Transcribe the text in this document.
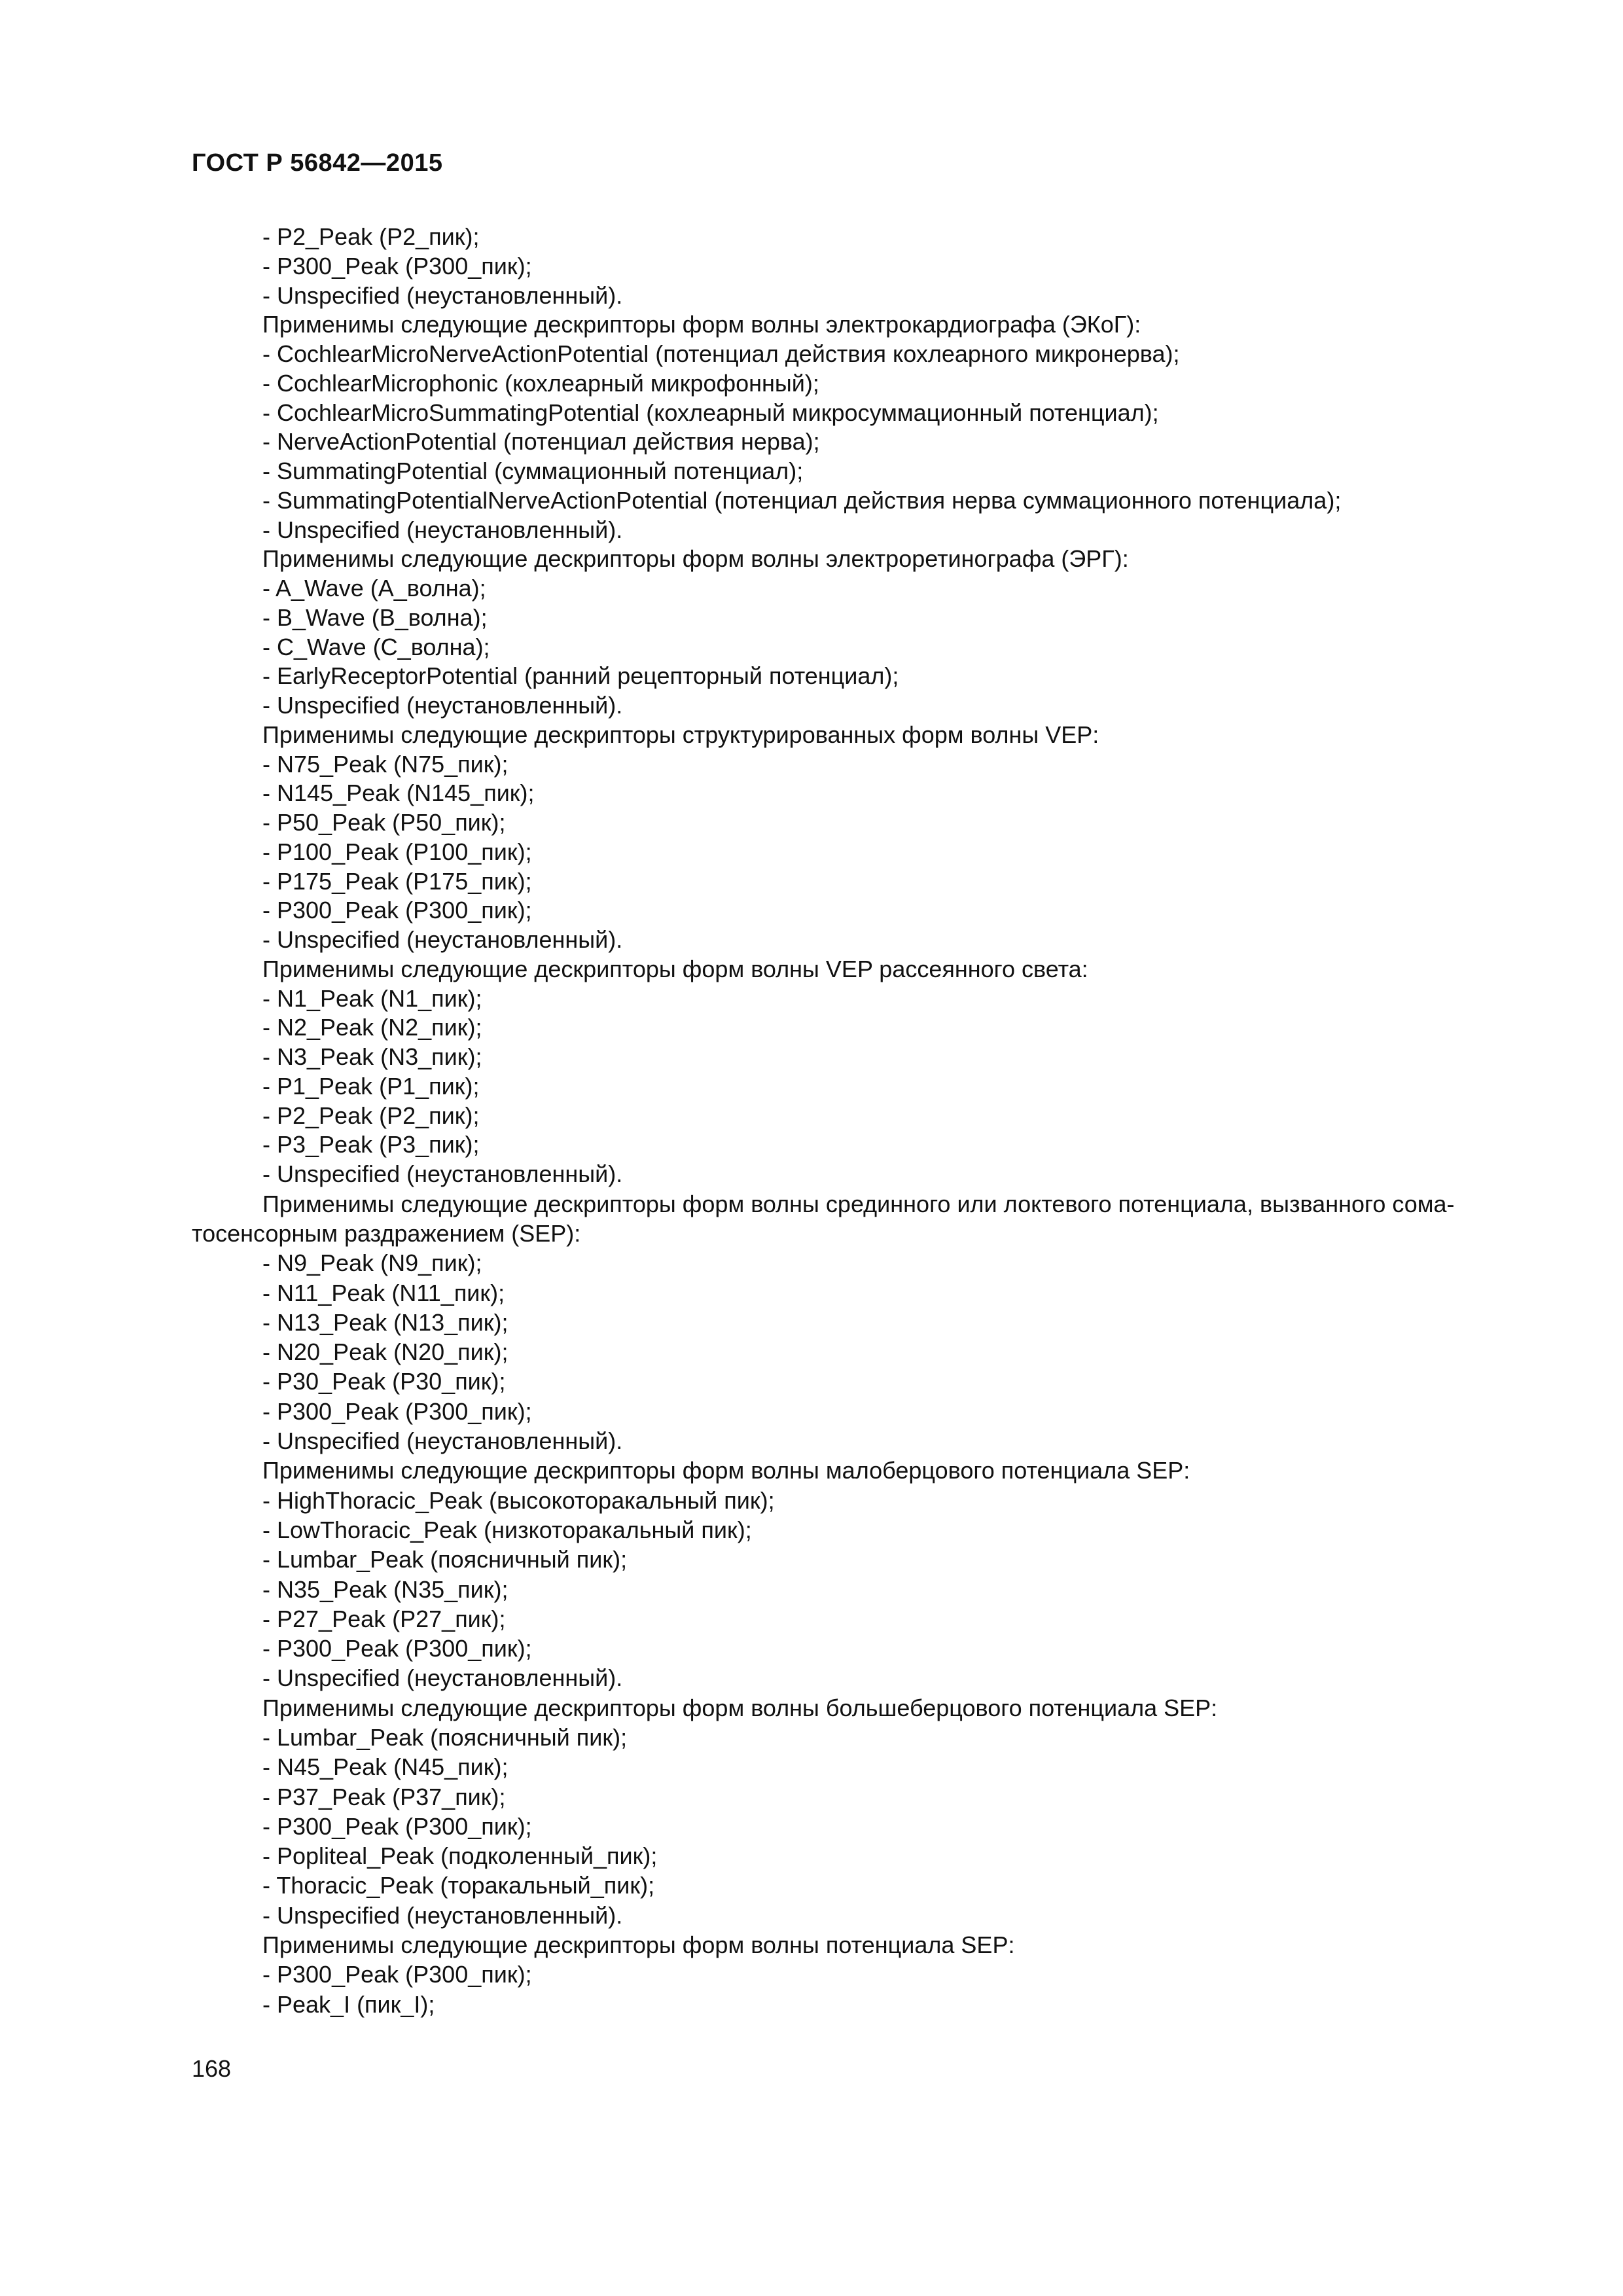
ГОСТ Р 56842—2015
- P2_Peak (P2_пик);
- P300_Peak (P300_пик);
- Unspecified (неустановленный).
Применимы следующие дескрипторы форм волны электрокардиографа (ЭКоГ):
- CochlearMicroNerveActionPotential (потенциал действия кохлеарного микронерва);
- CochlearMicrophonic (кохлеарный микрофонный);
- CochlearMicroSummatingPotential (кохлеарный микросуммационный потенциал);
- NerveActionPotential (потенциал действия нерва);
- SummatingPotential (суммационный потенциал);
- SummatingPotentialNerveActionPotential (потенциал действия нерва суммационного потенциала);
- Unspecified (неустановленный).
Применимы следующие дескрипторы форм волны электроретинографа (ЭРГ):
- A_Wave (A_волна);
- B_Wave (B_волна);
- C_Wave (C_волна);
- EarlyReceptorPotential (ранний рецепторный потенциал);
- Unspecified (неустановленный).
Применимы следующие дескрипторы структурированных форм волны VEP:
- N75_Peak (N75_пик);
- N145_Peak (N145_пик);
- P50_Peak (P50_пик);
- P100_Peak (P100_пик);
- P175_Peak (P175_пик);
- P300_Peak (P300_пик);
- Unspecified (неустановленный).
Применимы следующие дескрипторы форм волны VEP рассеянного света:
- N1_Peak (N1_пик);
- N2_Peak (N2_пик);
- N3_Peak (N3_пик);
- P1_Peak (P1_пик);
- P2_Peak (P2_пик);
- P3_Peak (P3_пик);
- Unspecified (неустановленный).
Применимы следующие дескрипторы форм волны срединного или локтевого потенциала, вызванного сома-
тосенсорным раздражением (SEP):
- N9_Peak (N9_пик);
- N11_Peak (N11_пик);
- N13_Peak (N13_пик);
- N20_Peak (N20_пик);
- P30_Peak (P30_пик);
- P300_Peak (P300_пик);
- Unspecified (неустановленный).
Применимы следующие дескрипторы форм волны малоберцового потенциала SEP:
- HighThoracic_Peak (высокоторакальный пик);
- LowThoracic_Peak (низкоторакальный пик);
- Lumbar_Peak (поясничный пик);
- N35_Peak (N35_пик);
- P27_Peak (P27_пик);
- P300_Peak (P300_пик);
- Unspecified (неустановленный).
Применимы следующие дескрипторы форм волны большеберцового потенциала SEP:
- Lumbar_Peak (поясничный пик);
- N45_Peak (N45_пик);
- P37_Peak (P37_пик);
- P300_Peak (P300_пик);
- Popliteal_Peak (подколенный_пик);
- Thoracic_Peak (торакальный_пик);
- Unspecified (неустановленный).
Применимы следующие дескрипторы форм волны потенциала SEP:
- P300_Peak (P300_пик);
- Peak_I (пик_I);
168
